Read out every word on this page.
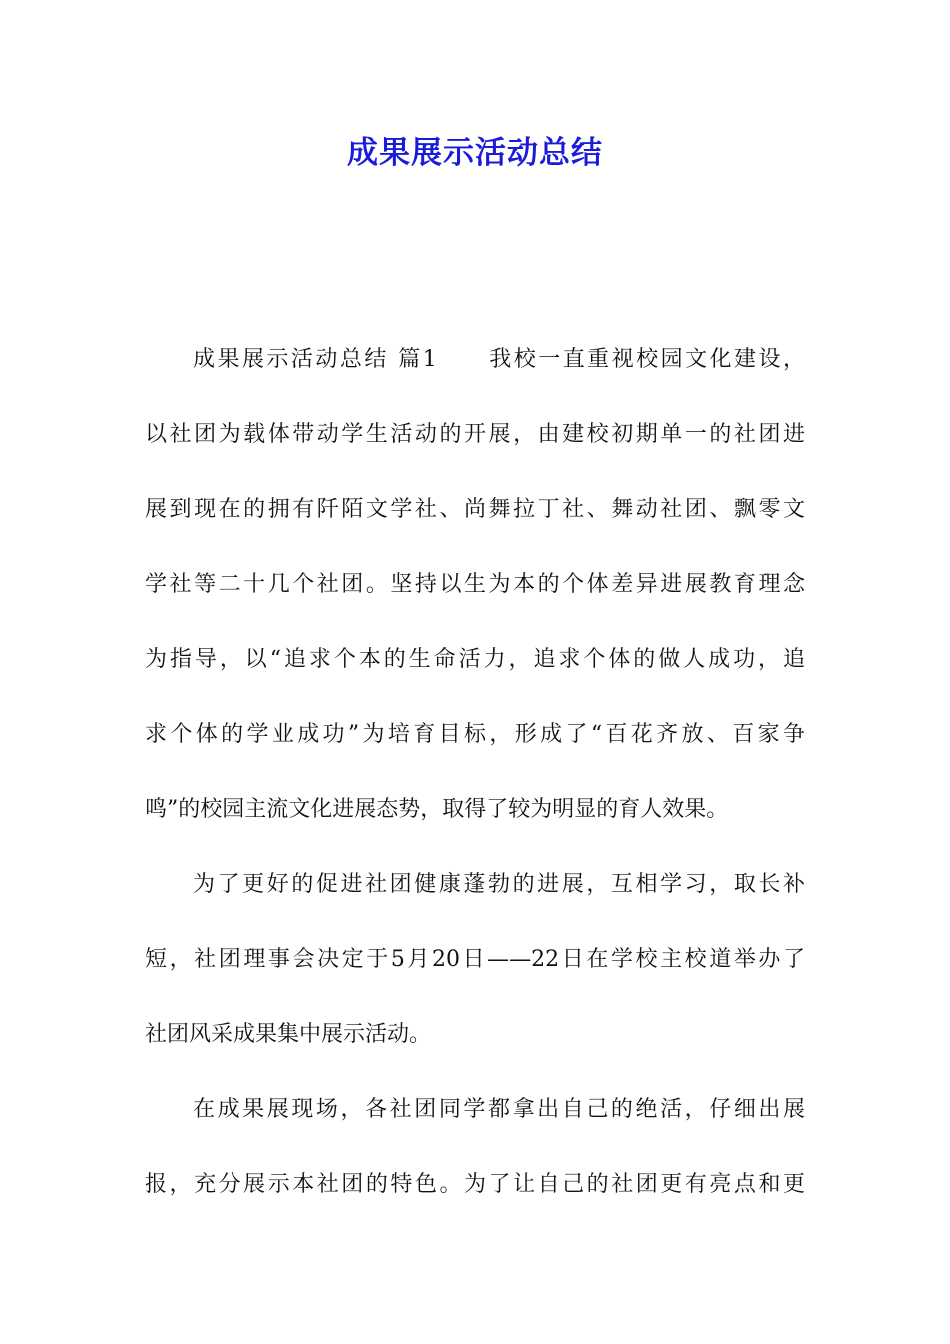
成果展示活动总结
成果展示活动总结 篇1 我校一直重视校园文化建设，
以社团为载体带动学生活动的开展，由建校初期单一的社团进
展到现在的拥有阡陌文学社、尚舞拉丁社、舞动社团、飘零文
学社等二十几个社团。坚持以生为本的个体差异进展教育理念
为指导，以“追求个本的生命活力，追求个体的做人成功，追
求个体的学业成功”为培育目标，形成了“百花齐放、百家争
鸣”的校园主流文化进展态势，取得了较为明显的育人效果。
为了更好的促进社团健康蓬勃的进展，互相学习，取长补
短，社团理事会决定于5月20日——22日在学校主校道举办了
社团风采成果集中展示活动。
在成果展现场，各社团同学都拿出自己的绝活，仔细出展
报，充分展示本社团的特色。为了让自己的社团更有亮点和更
